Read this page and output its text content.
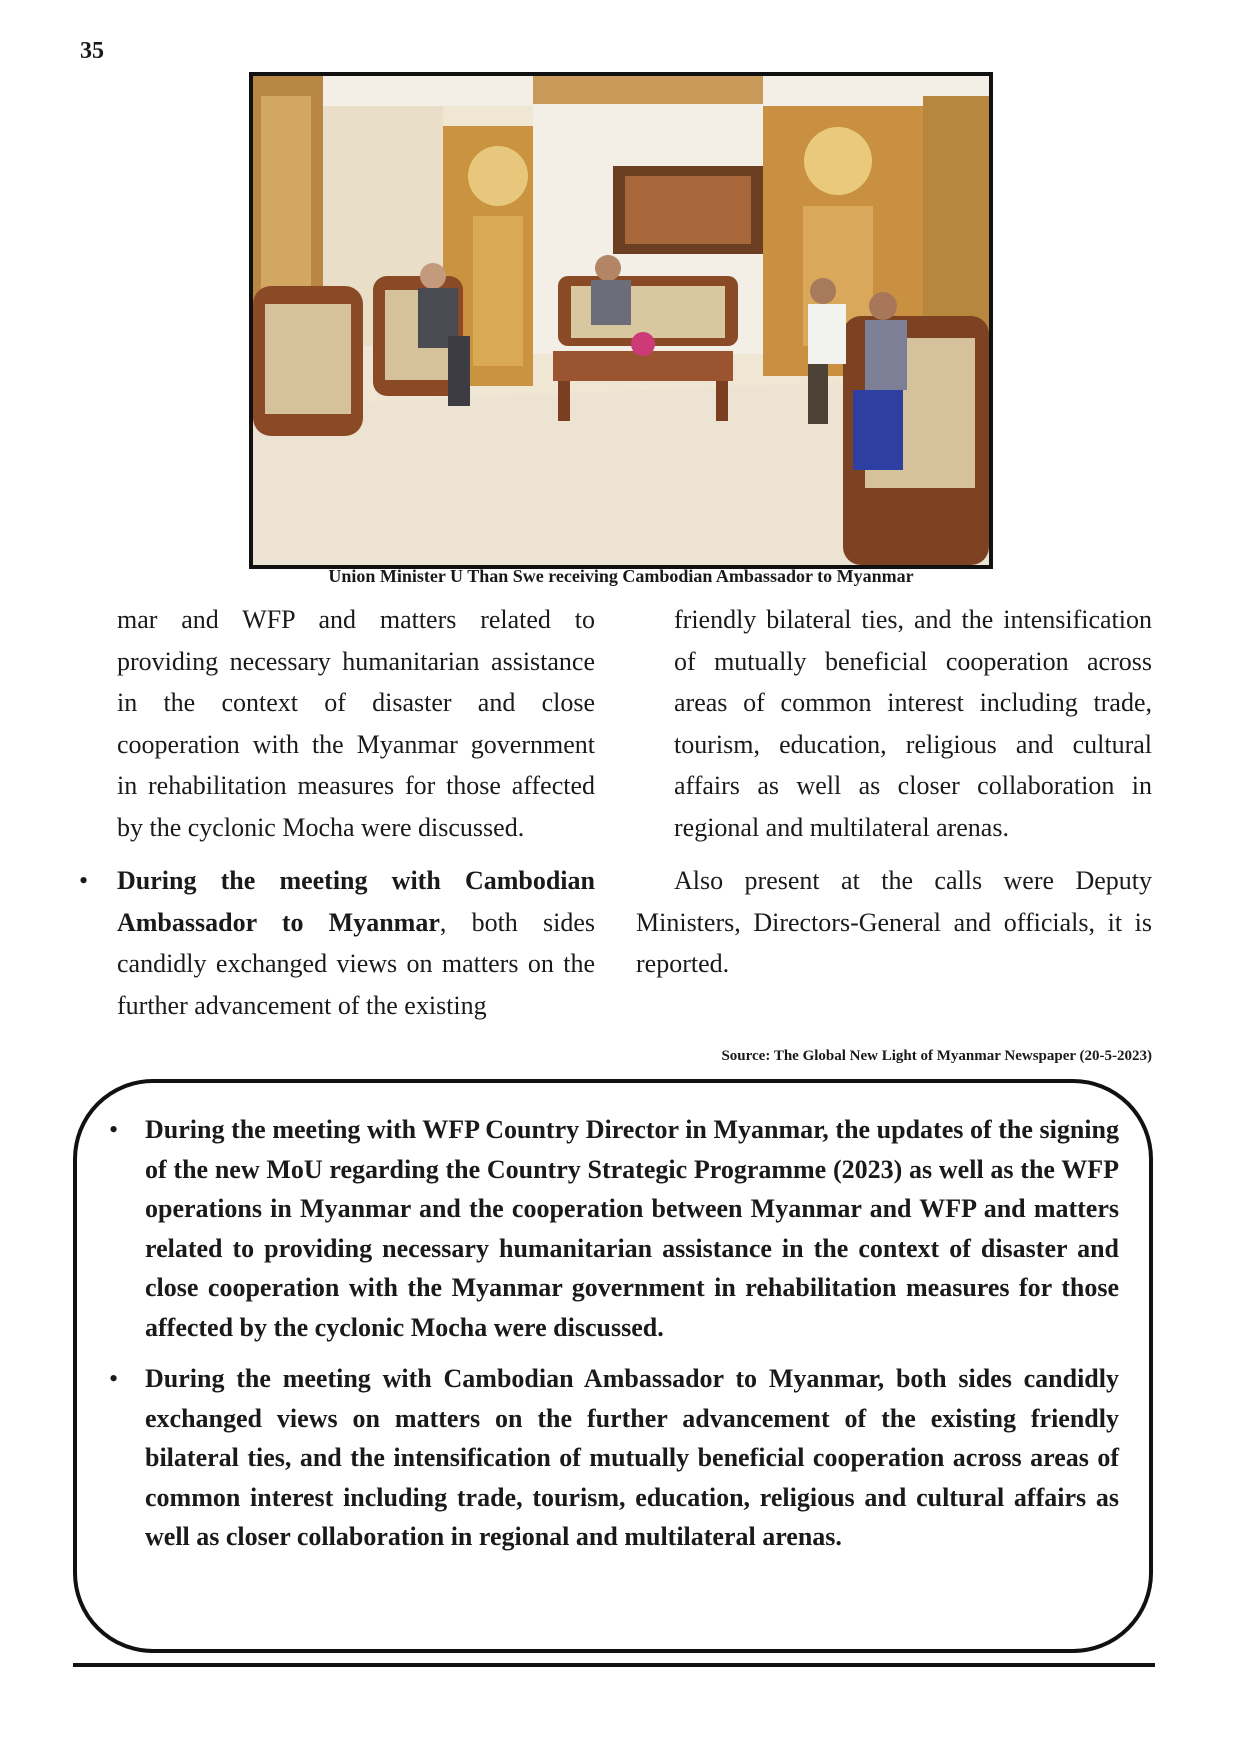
35
Union Minister U Than Swe receiving Cambodian Ambassador to Myanmar

mar and WFP and matters related to providing necessary humanitarian assistance in the context of disaster and close cooperation with the Myanmar government in rehabilitation measures for those affected by the cyclonic Mocha were discussed.

• During the meeting with Cambodian Ambassador to Myanmar, both sides candidly exchanged views on matters on the further advancement of the existing

friendly bilateral ties, and the intensification of mutually beneficial cooperation across areas of common interest including trade, tourism, education, religious and cultural affairs as well as closer collaboration in regional and multilateral arenas.

Also present at the calls were Deputy Ministers, Directors-General and officials, it is reported.

Source: The Global New Light of Myanmar Newspaper (20-5-2023)
• During the meeting with WFP Country Director in Myanmar, the updates of the signing of the new MoU regarding the Country Strategic Programme (2023) as well as the WFP operations in Myanmar and the cooperation between Myanmar and WFP and matters related to providing necessary humanitarian assistance in the context of disaster and close cooperation with the Myanmar government in rehabilitation measures for those affected by the cyclonic Mocha were discussed.
• During the meeting with Cambodian Ambassador to Myanmar, both sides candidly exchanged views on matters on the further advancement of the existing friendly bilateral ties, and the intensification of mutually beneficial cooperation across areas of common interest including trade, tourism, education, religious and cultural affairs as well as closer collaboration in regional and multilateral arenas.
